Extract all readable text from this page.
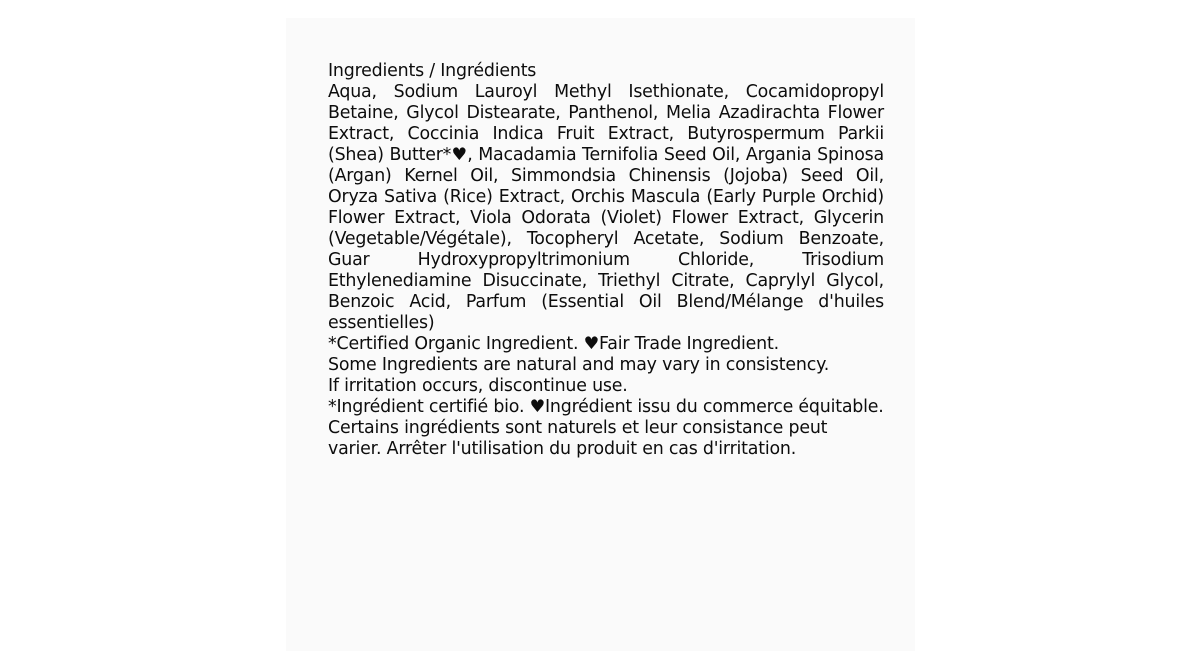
Ingredients / Ingrédients

Aqua, Sodium Lauroyl Methyl Isethionate, Cocamidopropyl Betaine, Glycol Distearate, Panthenol, Melia Azadirachta Flower Extract, Coccinia Indica Fruit Extract, Butyrospermum Parkii (Shea) Butter*♥, Macadamia Ternifolia Seed Oil, Argania Spinosa (Argan) Kernel Oil, Simmondsia Chinensis (Jojoba) Seed Oil, Oryza Sativa (Rice) Extract, Orchis Mascula (Early Purple Orchid) Flower Extract, Viola Odorata (Violet) Flower Extract, Glycerin (Vegetable/Végétale), Tocopheryl Acetate, Sodium Benzoate, Guar Hydroxypropyltrimonium Chloride, Trisodium Ethylenediamine Disuccinate, Triethyl Citrate, Caprylyl Glycol, Benzoic Acid, Parfum (Essential Oil Blend/Mélange d'huiles essentielles)

*Certified Organic Ingredient. ♥Fair Trade Ingredient.

Some Ingredients are natural and may vary in consistency.

If irritation occurs, discontinue use.

*Ingrédient certifié bio. ♥Ingrédient issu du commerce équitable. Certains ingrédients sont naturels et leur consistance peut varier. Arrêter l'utilisation du produit en cas d'irritation.
